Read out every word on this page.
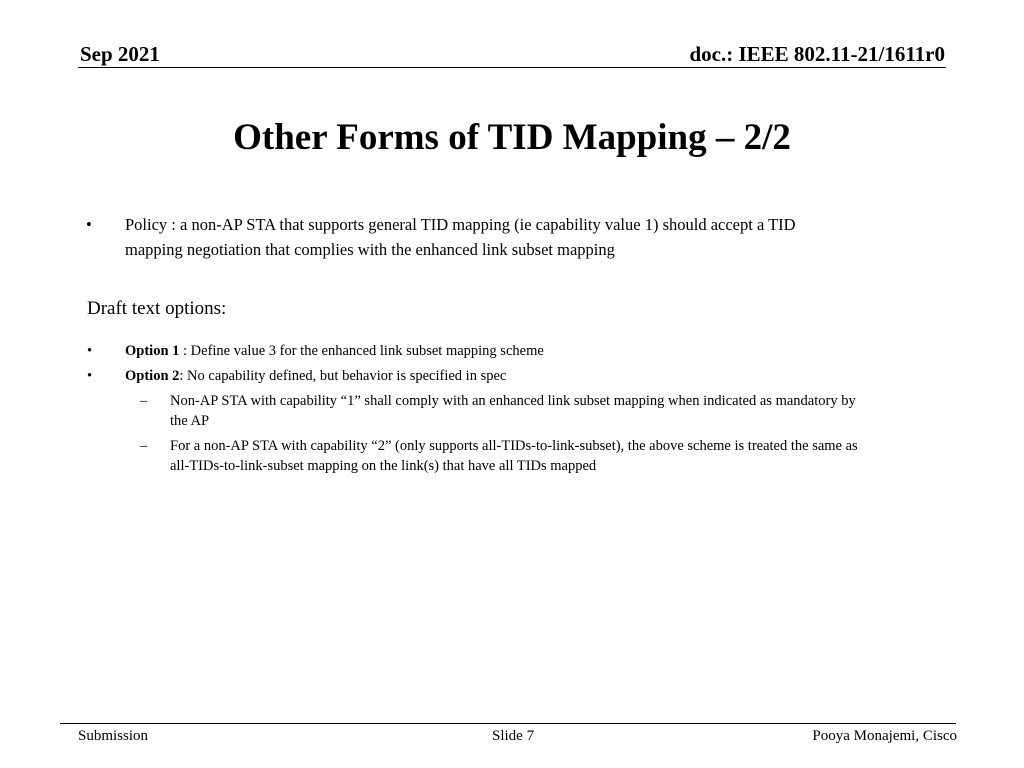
Sep 2021	doc.: IEEE 802.11-21/1611r0
Other Forms of TID Mapping – 2/2
• Policy : a non-AP STA that supports general TID mapping (ie capability value 1) should accept a TID
mapping negotiation that complies with the enhanced link subset mapping
Draft text options:
• Option 1 : Define value 3 for the enhanced link subset mapping scheme
• Option 2: No capability defined, but behavior is specified in spec
– Non-AP STA with capability “1” shall comply with an enhanced link subset mapping when indicated as mandatory by
the AP
– For a non-AP STA with capability “2” (only supports all-TIDs-to-link-subset), the above scheme is treated the same as
all-TIDs-to-link-subset mapping on the link(s) that have all TIDs mapped
Submission	Slide 7	Pooya Monajemi, Cisco
